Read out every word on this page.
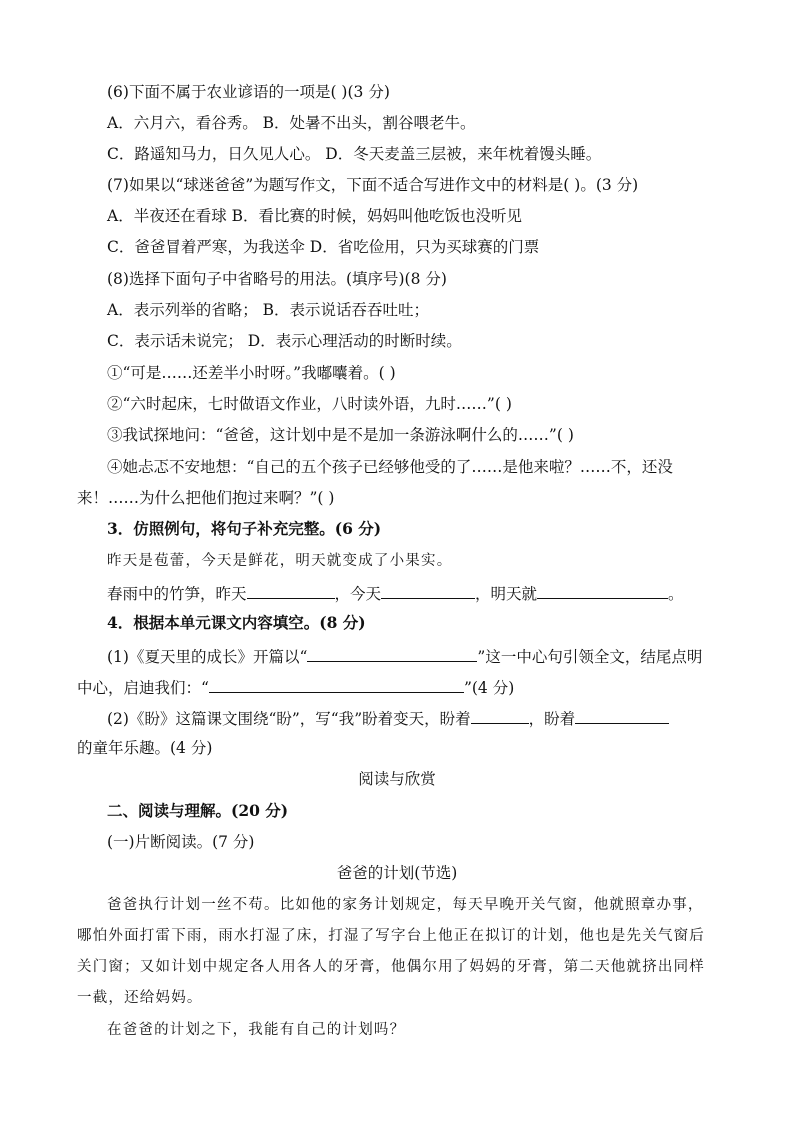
(6)下面不属于农业谚语的一项是( )(3 分)
A．六月六，看谷秀。 B．处暑不出头，割谷喂老牛。
C．路遥知马力，日久见人心。 D．冬天麦盖三层被，来年枕着馒头睡。
(7)如果以“球迷爸爸”为题写作文，下面不适合写进作文中的材料是( )。(3 分)
A．半夜还在看球 B．看比赛的时候，妈妈叫他吃饭也没听见
C．爸爸冒着严寒，为我送伞 D．省吃俭用，只为买球赛的门票
(8)选择下面句子中省略号的用法。(填序号)(8 分)
A．表示列举的省略； B．表示说话吞吞吐吐；
C．表示话未说完； D．表示心理活动的时断时续。
①“可是……还差半小时呀。”我嘟囔着。( )
②“六时起床，七时做语文作业，八时读外语，九时……”( )
③我试探地问：“爸爸，这计划中是不是加一条游泳啊什么的……”( )
④她忐忑不安地想：“自己的五个孩子已经够他受的了……是他来啦？……不，还没
来！……为什么把他们抱过来啊？”( )
3．仿照例句，将句子补充完整。(6 分)
昨天是苞蕾，今天是鲜花，明天就变成了小果实。
春雨中的竹笋，昨天	，今天	，明天就	。
4．根据本单元课文内容填空。(8 分)
(1)《夏天里的成长》开篇以“	”这一中心句引领全文，结尾点明
中心，启迪我们：“	”(4 分)
(2)《盼》这篇课文围绕“盼”，写“我”盼着变天，盼着	，盼着
的童年乐趣。(4 分)
阅读与欣赏
二、阅读与理解。(20 分)
(一)片断阅读。(7 分)
爸爸的计划(节选)
爸爸执行计划一丝不苟。比如他的家务计划规定，每天早晚开关气窗，他就照章办事，
哪怕外面打雷下雨，雨水打湿了床，打湿了写字台上他正在拟订的计划，他也是先关气窗后
关门窗；又如计划中规定各人用各人的牙膏，他偶尔用了妈妈的牙膏，第二天他就挤出同样
一截，还给妈妈。
在爸爸的计划之下，我能有自己的计划吗？
